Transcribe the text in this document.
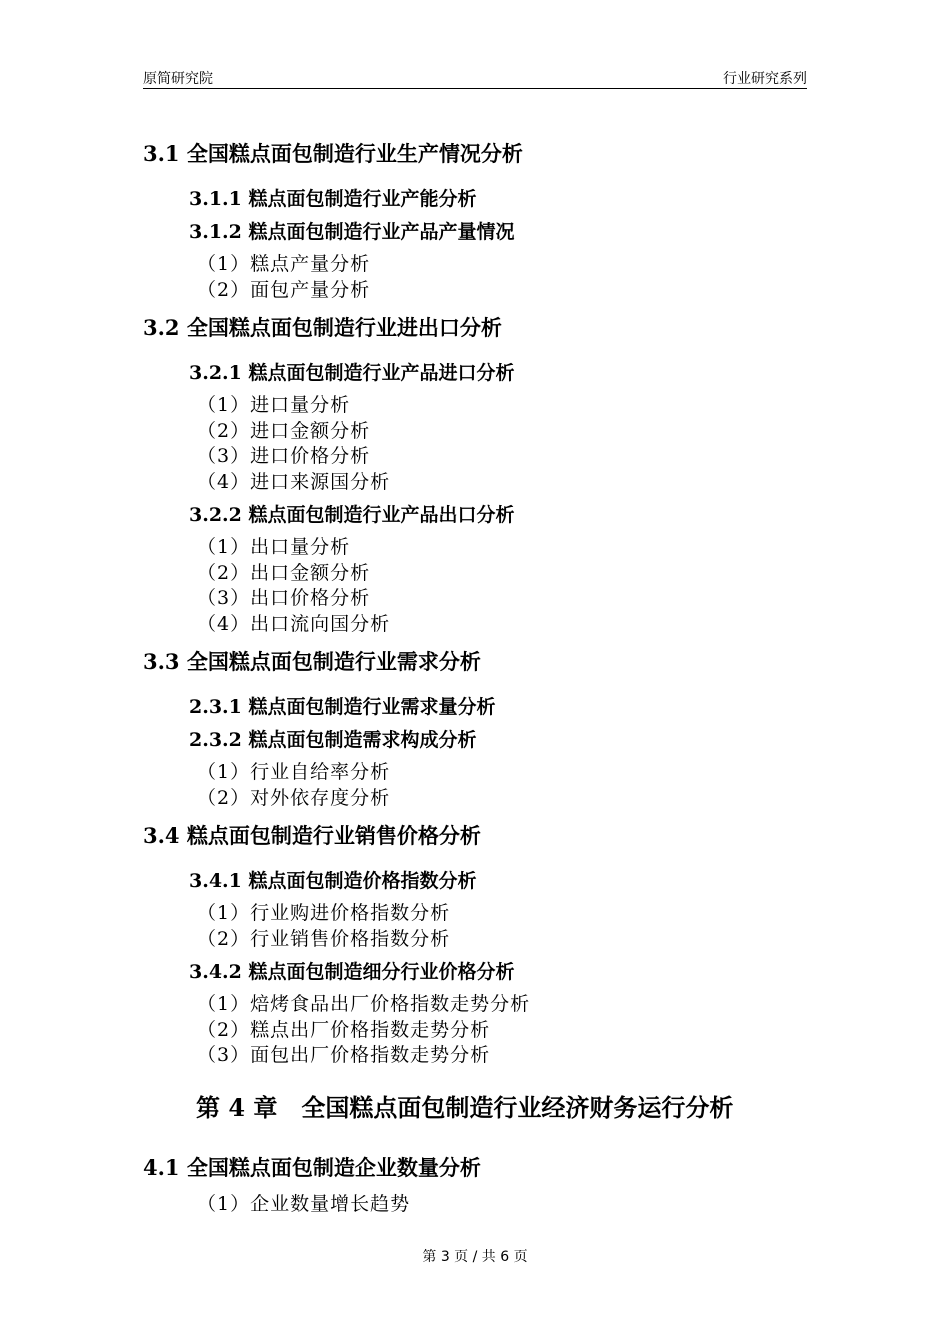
原简研究院	行业研究系列
3.1 全国糕点面包制造行业生产情况分析
3.1.1 糕点面包制造行业产能分析
3.1.2 糕点面包制造行业产品产量情况
（1）糕点产量分析
（2）面包产量分析
3.2 全国糕点面包制造行业进出口分析
3.2.1 糕点面包制造行业产品进口分析
（1）进口量分析
（2）进口金额分析
（3）进口价格分析
（4）进口来源国分析
3.2.2 糕点面包制造行业产品出口分析
（1）出口量分析
（2）出口金额分析
（3）出口价格分析
（4）出口流向国分析
3.3 全国糕点面包制造行业需求分析
2.3.1 糕点面包制造行业需求量分析
2.3.2 糕点面包制造需求构成分析
（1）行业自给率分析
（2）对外依存度分析
3.4 糕点面包制造行业销售价格分析
3.4.1 糕点面包制造价格指数分析
（1）行业购进价格指数分析
（2）行业销售价格指数分析
3.4.2 糕点面包制造细分行业价格分析
（1）焙烤食品出厂价格指数走势分析
（2）糕点出厂价格指数走势分析
（3）面包出厂价格指数走势分析
第 4 章　全国糕点面包制造行业经济财务运行分析
4.1 全国糕点面包制造企业数量分析
（1）企业数量增长趋势
第 3 页 / 共 6 页
